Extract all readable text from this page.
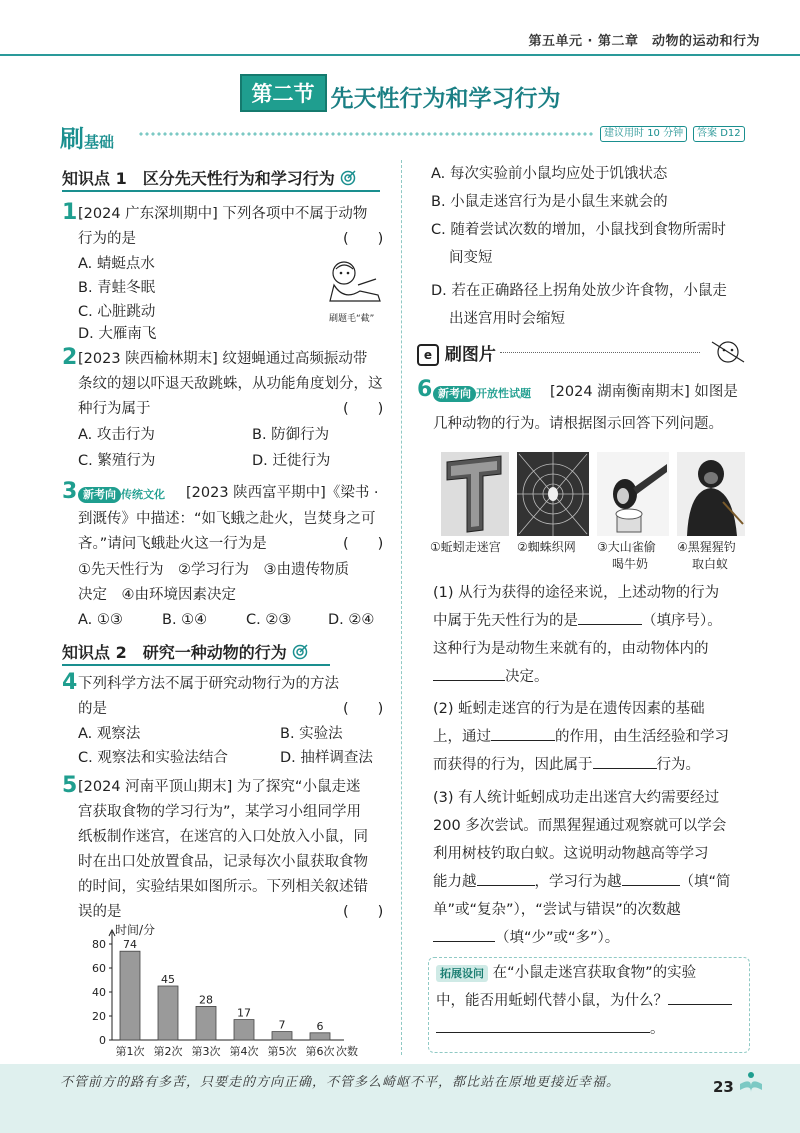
第五单元 · 第二章　动物的运动和行为
第二节 先天性行为和学习行为
刷基础	建议用时 10 分钟	答案 D12
知识点 1　区分先天性行为和学习行为
1 [2024 广东深圳期中] 下列各项中不属于动物
行为的是	(　　)
A. 蜻蜓点水
B. 青蛙冬眠
C. 心脏跳动
D. 大雁南飞
刷题毛“截”
2 [2023 陕西榆林期末] 纹翅蝇通过高频振动带
条纹的翅以吓退天敌跳蛛，从功能角度划分，这
种行为属于	(　　)
A. 攻击行为	B. 防御行为
C. 繁殖行为	D. 迁徙行为
3 新考向 传统文化 [2023 陕西富平期中]《梁书 ·
到溉传》中描述：“如飞蛾之赴火，岂焚身之可
吝。”请问飞蛾赴火这一行为是	(　　)
①先天性行为　②学习行为　③由遗传物质
决定　④由环境因素决定
A. ①③	B. ①④	C. ②③	D. ②④
知识点 2　研究一种动物的行为
4 下列科学方法不属于研究动物行为的方法
的是	(　　)
A. 观察法	B. 实验法
C. 观察法和实验法结合	D. 抽样调查法
5 [2024 河南平顶山期末] 为了探究“小鼠走迷
宫获取食物的学习行为”，某学习小组同学用
纸板制作迷宫，在迷宫的入口处放入小鼠，同
时在出口处放置食品，记录每次小鼠获取食物
的时间，实验结果如图所示。下列相关叙述错
误的是	(　　)
时间/分
0
20
40
60
80 74
第1次
45
第2次
28
第3次
17
第4次
7
第5次
6
第6次 次数
A. 每次实验前小鼠均应处于饥饿状态
B. 小鼠走迷宫行为是小鼠生来就会的
C. 随着尝试次数的增加，小鼠找到食物所需时
间变短
D. 若在正确路径上拐角处放少许食物，小鼠走
出迷宫用时会缩短
e 刷图片
6 新考向 开放性试题 [2024 湖南衡南期末] 如图是
几种动物的行为。请根据图示回答下列问题。
①蚯蚓走迷宫 ②蜘蛛织网 ③大山雀偷
喝牛奶
④黑猩猩钓
取白蚁
(1) 从行为获得的途径来说，上述动物的行为
中属于先天性行为的是	（填序号）。
这种行为是动物生来就有的，由动物体内的
决定。
(2) 蚯蚓走迷宫的行为是在遗传因素的基础
上，通过	的作用，由生活经验和学习
而获得的行为，因此属于	行为。
(3) 有人统计蚯蚓成功走出迷宫大约需要经过
200 多次尝试。而黑猩猩通过观察就可以学会
利用树枝钓取白蚁。这说明动物越高等学习
能力越	，学习行为越	（填“简
单”或“复杂”），“尝试与错误”的次数越
（填“少”或“多”）。
拓展设问 在“小鼠走迷宫获取食物”的实验
中，能否用蚯蚓代替小鼠，为什么？
。
不管前方的路有多苦，只要走的方向正确，不管多么崎岖不平，都比站在原地更接近幸福。	23
